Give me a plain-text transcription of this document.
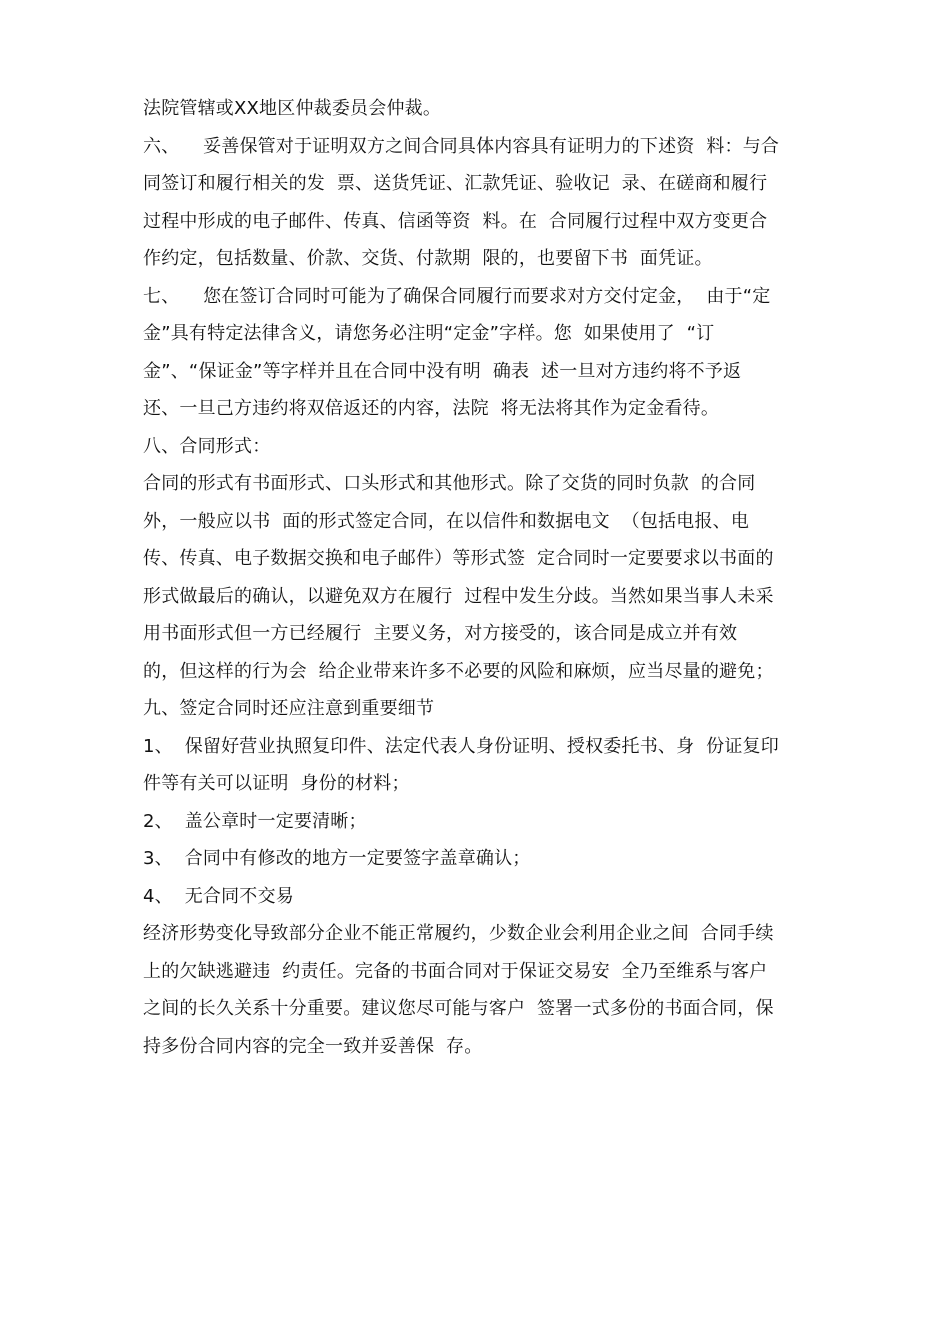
法院管辖或XX地区仲裁委员会仲裁。
六、    妥善保管对于证明双方之间合同具体内容具有证明力的下述资  料：与合
同签订和履行相关的发  票、送货凭证、汇款凭证、验收记  录、在磋商和履行
过程中形成的电子邮件、传真、信函等资  料。在  合同履行过程中双方变更合
作约定，包括数量、价款、交货、付款期  限的，也要留下书  面凭证。
七、    您在签订合同时可能为了确保合同履行而要求对方交付定金，  由于“定
金”具有特定法律含义，请您务必注明“定金”字样。您  如果使用了  “订
金”、“保证金”等字样并且在合同中没有明  确表  述一旦对方违约将不予返
还、一旦己方违约将双倍返还的内容，法院  将无法将其作为定金看待。
八、合同形式：
合同的形式有书面形式、口头形式和其他形式。除了交货的同时负款  的合同
外，一般应以书  面的形式签定合同，在以信件和数据电文  （包括电报、电
传、传真、电子数据交换和电子邮件）等形式签  定合同时一定要要求以书面的
形式做最后的确认，以避免双方在履行  过程中发生分歧。当然如果当事人未采
用书面形式但一方已经履行  主要义务，对方接受的，该合同是成立并有效
的，但这样的行为会  给企业带来许多不必要的风险和麻烦，应当尽量的避免；
九、签定合同时还应注意到重要细节
1、  保留好营业执照复印件、法定代表人身份证明、授权委托书、身  份证复印
件等有关可以证明  身份的材料；
2、  盖公章时一定要清晰；
3、  合同中有修改的地方一定要签字盖章确认；
4、  无合同不交易
经济形势变化导致部分企业不能正常履约，少数企业会利用企业之间  合同手续
上的欠缺逃避违  约责任。完备的书面合同对于保证交易安  全乃至维系与客户
之间的长久关系十分重要。建议您尽可能与客户  签署一式多份的书面合同，保
持多份合同内容的完全一致并妥善保  存。
